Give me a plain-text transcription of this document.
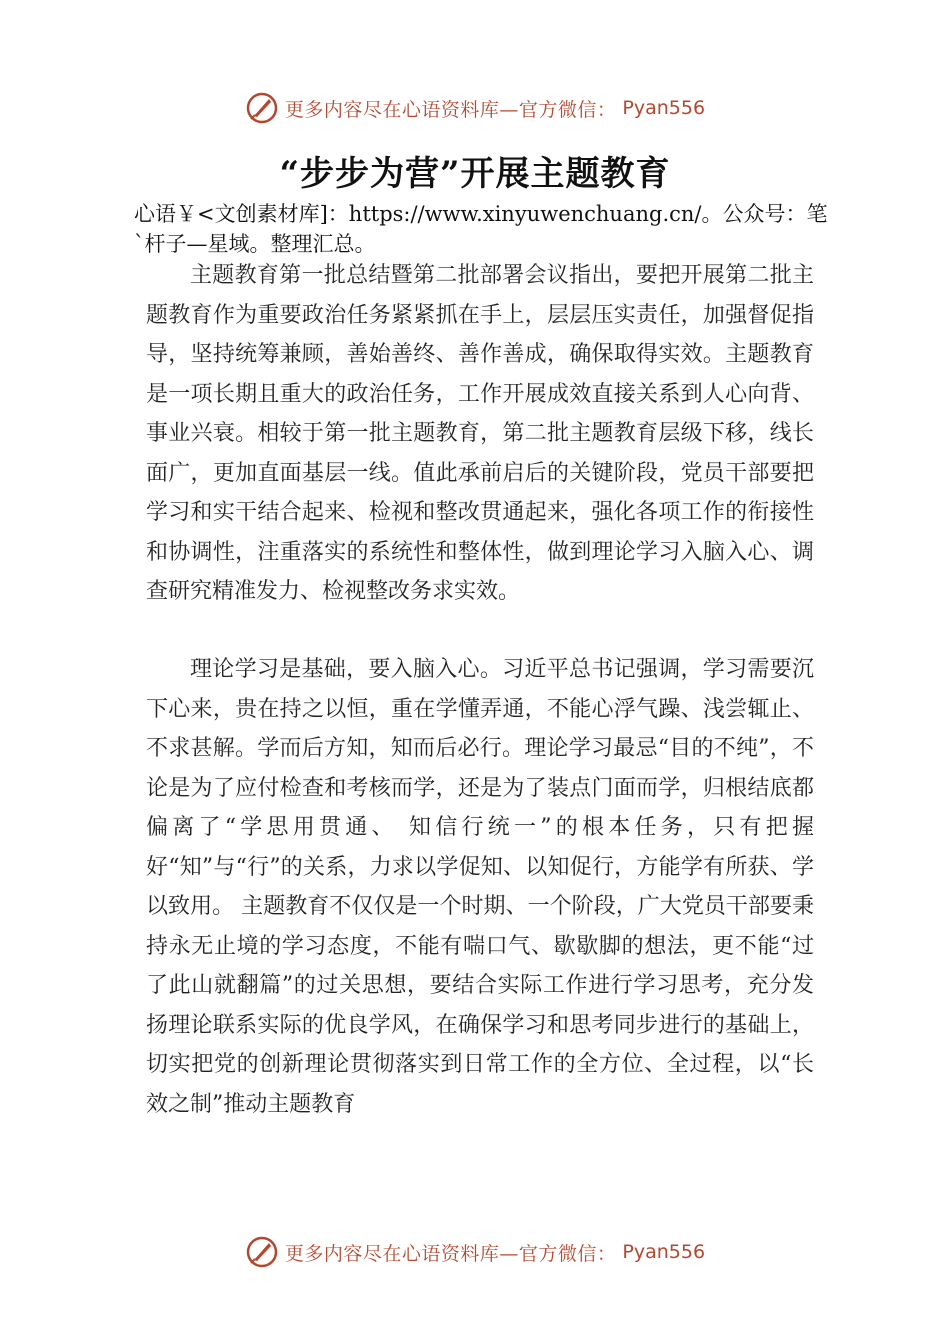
更多内容尽在心语资料库—官方微信： Pyan556
“步步为营”开展主题教育

心语￥<文创素材库]：https://www.xinyuwenchuang.cn/。公众号：笔`杆子—星域。整理汇总。

主题教育第一批总结暨第二批部署会议指出，要把开展第二批主题教育作为重要政治任务紧紧抓在手上，层层压实责任，加强督促指导，坚持统筹兼顾，善始善终、善作善成，确保取得实效。主题教育是一项长期且重大的政治任务，工作开展成效直接关系到人心向背、事业兴衰。相较于第一批主题教育，第二批主题教育层级下移，线长面广，更加直面基层一线。值此承前启后的关键阶段，党员干部要把学习和实干结合起来、检视和整改贯通起来，强化各项工作的衔接性和协调性，注重落实的系统性和整体性，做到理论学习入脑入心、调查研究精准发力、检视整改务求实效。

理论学习是基础，要入脑入心。习近平总书记强调，学习需要沉下心来，贵在持之以恒，重在学懂弄通，不能心浮气躁、浅尝辄止、不求甚解。学而后方知，知而后必行。理论学习最忌“目的不纯”，不论是为了应付检查和考核而学，还是为了装点门面而学，归根结底都偏离了“学思用贯通、 知信行统一”的根本任务，只有把握好“知”与“行”的关系，力求以学促知、以知促行，方能学有所获、学以致用。 主题教育不仅仅是一个时期、一个阶段，广大党员干部要秉持永无止境的学习态度，不能有喘口气、歇歇脚的想法，更不能“过了此山就翻篇”的过关思想，要结合实际工作进行学习思考，充分发扬理论联系实际的优良学风，在确保学习和思考同步进行的基础上，切实把党的创新理论贯彻落实到日常工作的全方位、全过程，以“长效之制”推动主题教育

更多内容尽在心语资料库—官方微信： Pyan556
